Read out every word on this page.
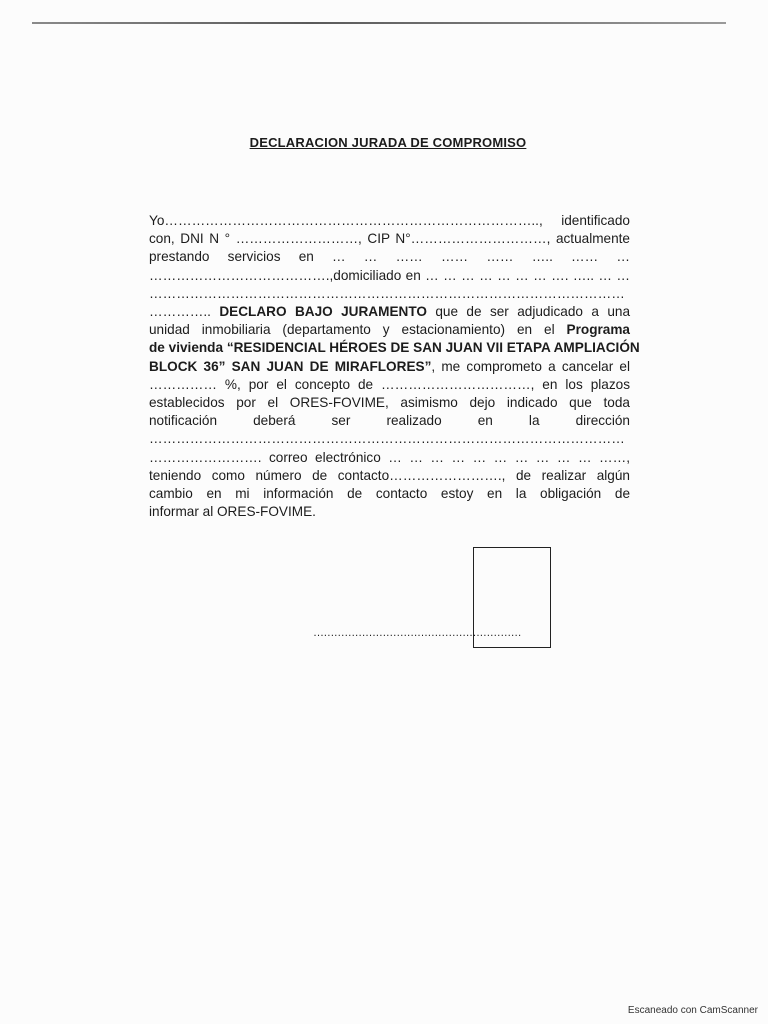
DECLARACION JURADA DE COMPROMISO
Yo……………………………………………………………………….., identificado
con, DNI N ° ………………………, CIP N°…………………………, actualmente
prestando servicios en … … …… …… …… ….. …… …
………………………………….,domiciliado en … … … … … … … …. ….. … …
……………………………………………………………………………………………
………….. DECLARO BAJO JURAMENTO que de ser adjudicado a una
unidad inmobiliaria (departamento y estacionamiento) en el Programa
de vivienda “RESIDENCIAL HÉROES DE SAN JUAN VII ETAPA AMPLIACIÓN
BLOCK 36” SAN JUAN DE MIRAFLORES”, me comprometo a cancelar el
…………… %, por el concepto de ……………………………, en los plazos
establecidos por el ORES-FOVIME, asimismo dejo indicado que toda
notificación deberá ser realizado en la dirección
……………………………………………………………………………………………
……………………. correo electrónico … … … … … … … … … … ……,
teniendo como número de contacto……………………., de realizar algún
cambio en mi información de contacto estoy en la obligación de
informar al ORES-FOVIME.
……………………………………………………
Escaneado con CamScanner
